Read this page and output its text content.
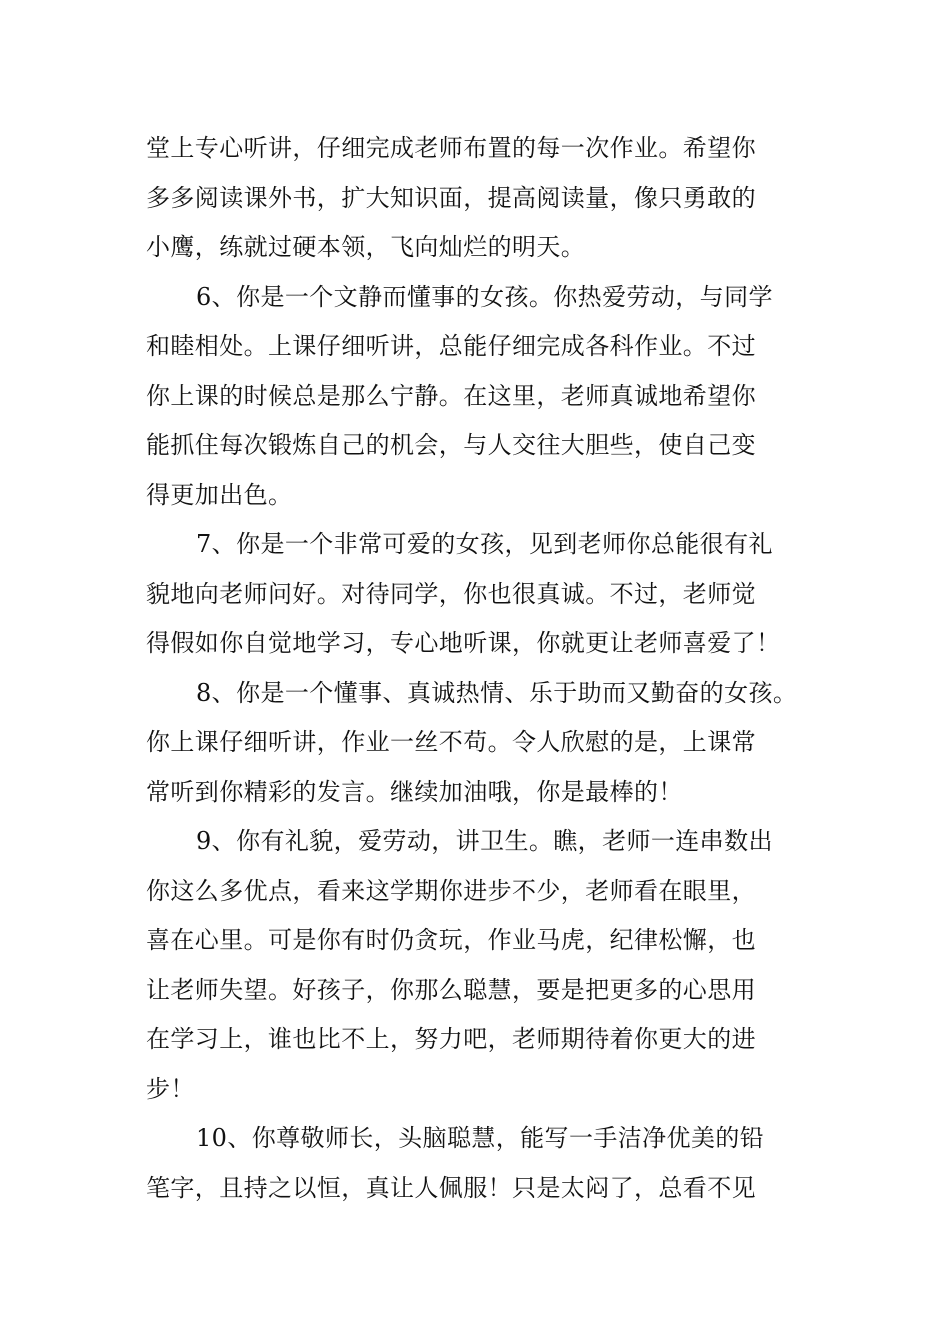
堂上专心听讲，仔细完成老师布置的每一次作业。希望你
多多阅读课外书，扩大知识面，提高阅读量，像只勇敢的
小鹰，练就过硬本领，飞向灿烂的明天。
6、你是一个文静而懂事的女孩。你热爱劳动，与同学
和睦相处。上课仔细听讲，总能仔细完成各科作业。不过
你上课的时候总是那么宁静。在这里，老师真诚地希望你
能抓住每次锻炼自己的机会，与人交往大胆些，使自己变
得更加出色。
7、你是一个非常可爱的女孩，见到老师你总能很有礼
貌地向老师问好。对待同学，你也很真诚。不过，老师觉
得假如你自觉地学习，专心地听课，你就更让老师喜爱了！
8、你是一个懂事、真诚热情、乐于助而又勤奋的女孩。
你上课仔细听讲，作业一丝不苟。令人欣慰的是，上课常
常听到你精彩的发言。继续加油哦，你是最棒的！
9、你有礼貌，爱劳动，讲卫生。瞧，老师一连串数出
你这么多优点，看来这学期你进步不少，老师看在眼里，
喜在心里。可是你有时仍贪玩，作业马虎，纪律松懈，也
让老师失望。好孩子，你那么聪慧，要是把更多的心思用
在学习上，谁也比不上，努力吧，老师期待着你更大的进
步！
10、你尊敬师长，头脑聪慧，能写一手洁净优美的铅
笔字，且持之以恒，真让人佩服！只是太闷了，总看不见
